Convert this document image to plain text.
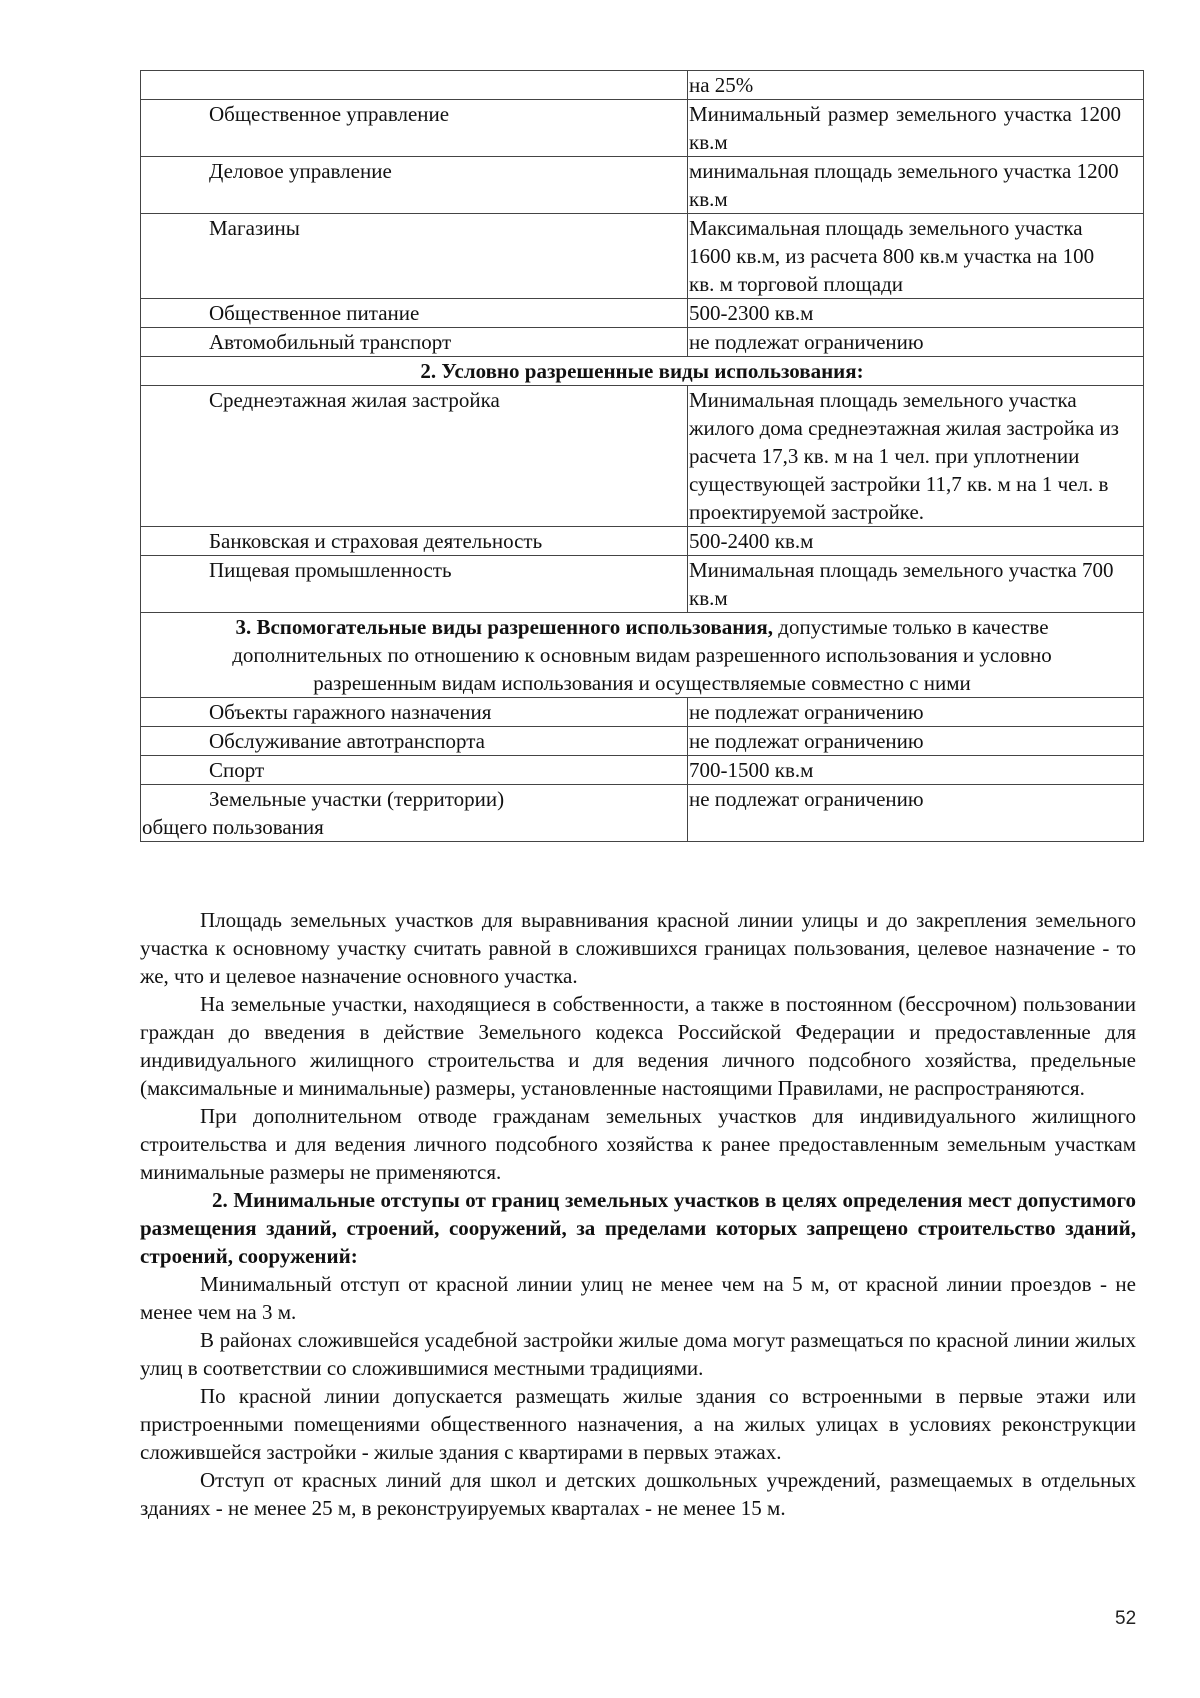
	на 25%
Общественное управление	Минимальный размер земельного участка 1200 кв.м
Деловое управление	минимальная площадь земельного участка 1200 кв.м
Магазины	Максимальная площадь земельного участка 1600 кв.м, из расчета 800 кв.м участка на 100 кв. м торговой площади
Общественное питание	500-2300 кв.м
Автомобильный транспорт	не подлежат ограничению
2. Условно разрешенные виды использования:	
Среднеэтажная жилая застройка	Минимальная площадь земельного участка жилого дома среднеэтажная жилая застройка из расчета 17,3 кв. м на 1 чел. при уплотнении существующей застройки 11,7 кв. м на 1 чел. в проектируемой застройке.
Банковская и страховая деятельность	500-2400 кв.м
Пищевая промышленность	Минимальная площадь земельного участка 700 кв.м
3. Вспомогательные виды разрешенного использования, допустимые только в качестве дополнительных по отношению к основным видам разрешенного использования и условно разрешенным видам использования и осуществляемые совместно с ними	
Объекты гаражного назначения	не подлежат ограничению
Обслуживание автотранспорта	не подлежат ограничению
Спорт	700-1500 кв.м

Земельные участки (территории)
общего пользования	не подлежат ограничению

Площадь земельных участков для выравнивания красной линии улицы и до закрепления земельного участка к основному участку считать равной в сложившихся границах пользования, целевое назначение - то же, что и целевое назначение основного участка.

На земельные участки, находящиеся в собственности, а также в постоянном (бессрочном) пользовании граждан до введения в действие Земельного кодекса Российской Федерации и предоставленные для индивидуального жилищного строительства и для ведения личного подсобного хозяйства, предельные (максимальные и минимальные) размеры, установленные настоящими Правилами, не распространяются.

При дополнительном отводе гражданам земельных участков для индивидуального жилищного строительства и для ведения личного подсобного хозяйства к ранее предоставленным земельным участкам минимальные размеры не применяются.

2. Минимальные отступы от границ земельных участков в целях определения мест допустимого размещения зданий, строений, сооружений, за пределами которых запрещено строительство зданий, строений, сооружений:

Минимальный отступ от красной линии улиц не менее чем на 5 м, от красной линии проездов - не менее чем на 3 м.

В районах сложившейся усадебной застройки жилые дома могут размещаться по красной линии жилых улиц в соответствии со сложившимися местными традициями.

По красной линии допускается размещать жилые здания со встроенными в первые этажи или пристроенными помещениями общественного назначения, а на жилых улицах в условиях реконструкции сложившейся застройки - жилые здания с квартирами в первых этажах.

Отступ от красных линий для школ и детских дошкольных учреждений, размещаемых в отдельных зданиях - не менее 25 м, в реконструируемых кварталах - не менее 15 м.

52
